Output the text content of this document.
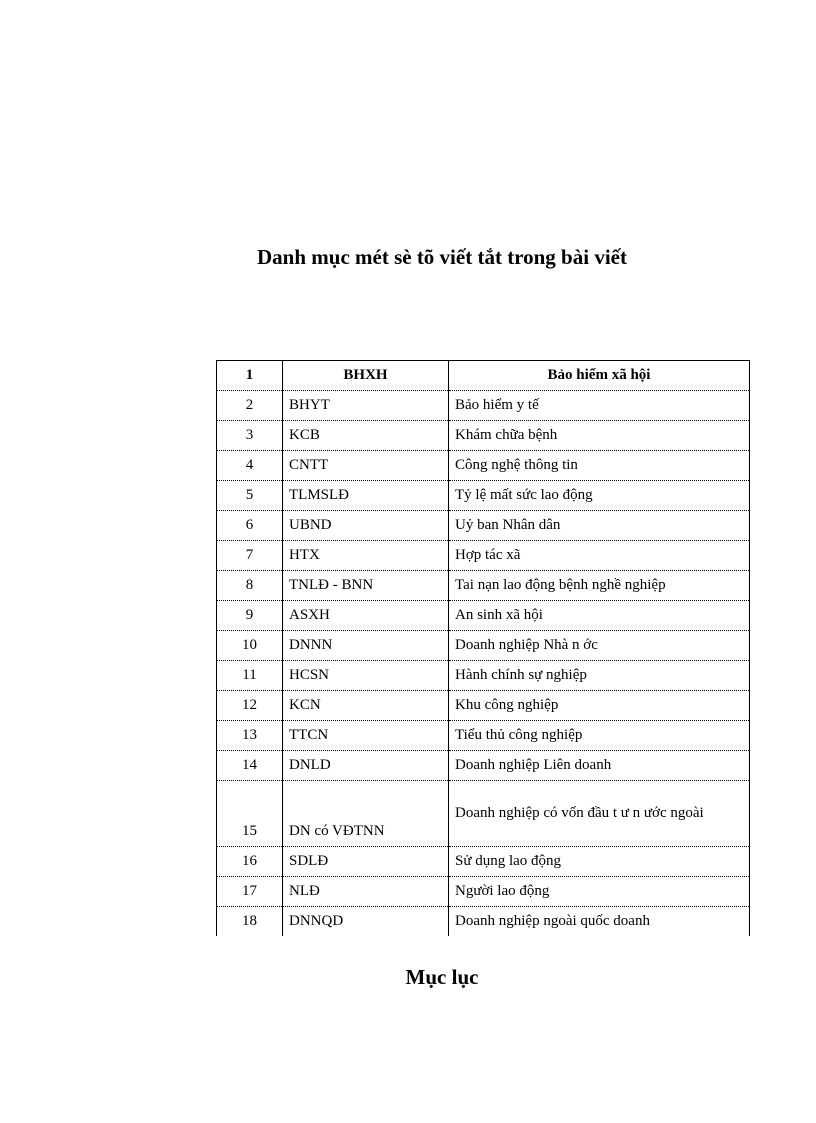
Danh mục mét sè tõ viết tắt trong bài viết
1	BHXH	Bảo hiểm xã hội
2	BHYT	Bảo hiểm y tế
3	KCB	Khám chữa bệnh
4	CNTT	Công nghệ thông tin
5	TLMSLĐ	Tỷ lệ mất sức lao động
6	UBND	Uỷ ban Nhân dân
7	HTX	Hợp tác xã
8	TNLĐ - BNN	Tai nạn lao động bệnh nghề nghiệp
9	ASXH	An sinh xã hội
10	DNNN	Doanh nghiệp Nhà n ớc
11	HCSN	Hành chính sự nghiệp
12	KCN	Khu công nghiệp
13	TTCN	Tiểu thủ công nghiệp
14	DNLD	Doanh nghiệp Liên doanh
15	DN có VĐTNN	Doanh nghiệp có vốn đầu t ư n ước ngoài
16	SDLĐ	Sử dụng lao động
17	NLĐ	Người lao động
18	DNNQD	Doanh nghiệp ngoài quốc doanh
Mục lục
